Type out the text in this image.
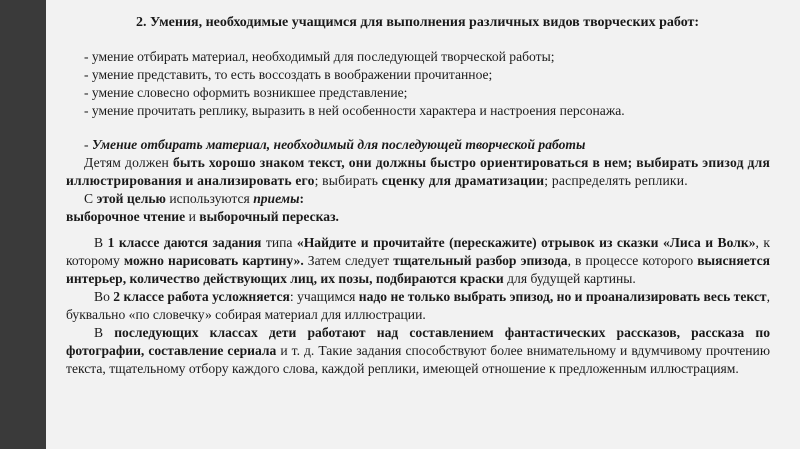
2. Умения, необходимые учащимся для выполнения различных видов творческих работ:
- умение отбирать материал, необходимый для последующей творческой работы;
- умение представить, то есть воссоздать в воображении прочитанное;
- умение словесно оформить возникшее представление;
- умение прочитать реплику, выразить в ней особенности характера и настроения персонажа.
- Умение отбирать материал, необходимый для последующей творческой работы

Детям должен быть хорошо знаком текст, они должны быстро ориентироваться в нем; выбирать эпизод для иллюстрирования и анализировать его; выбирать сценку для драматизации; распределять реплики.

С этой целью используются приемы:

выборочное чтение и выборочный пересказ.

В 1 классе даются задания типа «Найдите и прочитайте (перескажите) отрывок из сказки «Лиса и Волк», к которому можно нарисовать картину». Затем следует тщательный разбор эпизода, в процессе которого выясняется интерьер, количество действующих лиц, их позы, подбираются краски для будущей картины.

Во 2 классе работа усложняется: учащимся надо не только выбрать эпизод, но и проанализировать весь текст, буквально «по словечку» собирая материал для иллюстрации.

В последующих классах дети работают над составлением фантастических рассказов, рассказа по фотографии, составление сериала и т. д. Такие задания способствуют более внимательному и вдумчивому прочтению текста, тщательному отбору каждого слова, каждой реплики, имеющей отношение к предложенным иллюстрациям.
